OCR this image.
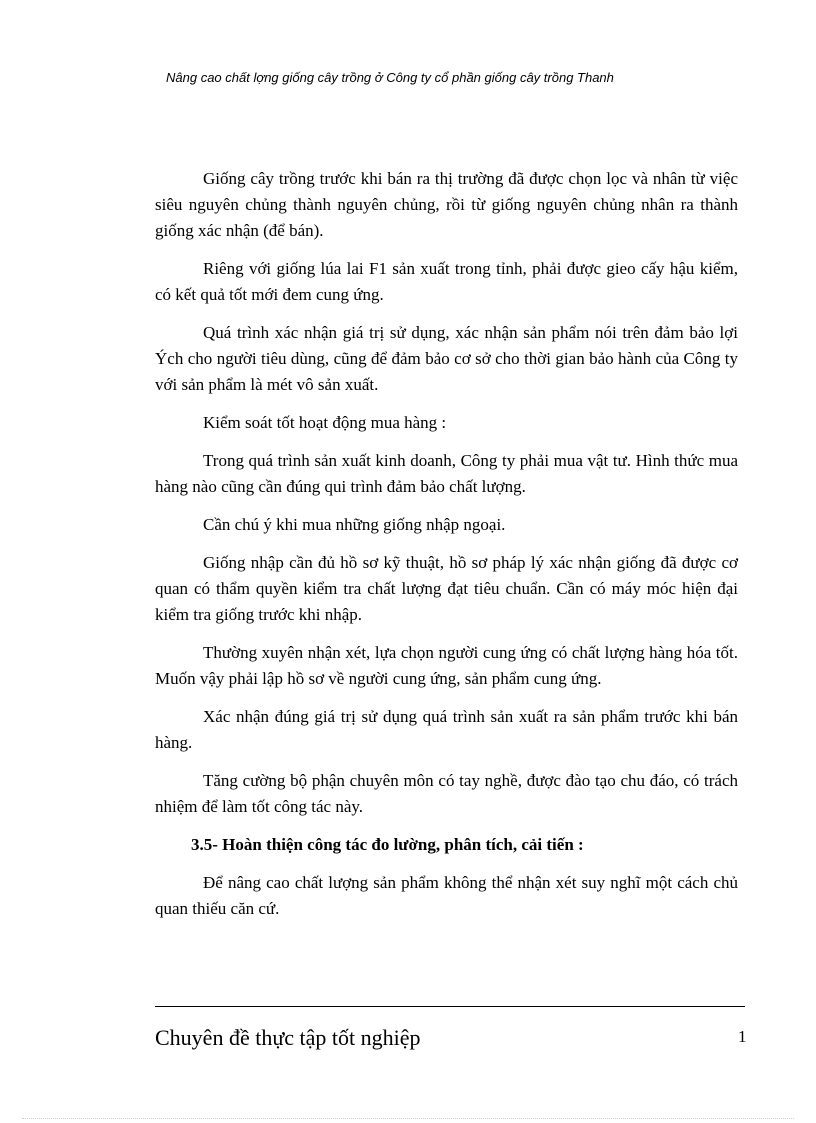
Nâng cao chất lợng giống cây trồng ở Công ty cổ phần giống cây trồng Thanh

Giống cây trồng trước khi bán ra thị trường đã được chọn lọc và nhân từ việc siêu nguyên chủng thành nguyên chủng, rồi từ giống nguyên chủng nhân ra thành giống xác nhận (để bán).

Riêng với giống lúa lai F1 sản xuất trong tỉnh, phải được gieo cấy hậu kiểm, có kết quả tốt mới đem cung ứng.

Quá trình xác nhận giá trị sử dụng, xác nhận sản phẩm nói trên đảm bảo lợi Ých cho người tiêu dùng, cũng để đảm bảo cơ sở cho thời gian bảo hành của Công ty với sản phẩm là mét vô sản xuất.

Kiểm soát tốt hoạt động mua hàng :

Trong quá trình sản xuất kinh doanh, Công ty phải mua vật tư. Hình thức mua hàng nào cũng cần đúng qui trình đảm bảo chất lượng.

Cần chú ý khi mua những giống nhập ngoại.

Giống nhập cần đủ hồ sơ kỹ thuật, hồ sơ pháp lý xác nhận giống đã được cơ quan có thẩm quyền kiểm tra chất lượng đạt tiêu chuẩn. Cần có máy móc hiện đại kiểm tra giống trước khi nhập.

Thường xuyên nhận xét, lựa chọn người cung ứng có chất lượng hàng hóa tốt. Muốn vậy phải lập hồ sơ về người cung ứng, sản phẩm cung ứng.

Xác nhận đúng giá trị sử dụng quá trình sản xuất ra sản phẩm trước khi bán hàng.

Tăng cường bộ phận chuyên môn có tay nghề, được đào tạo chu đáo, có trách nhiệm để làm tốt công tác này.

3.5- Hoàn thiện công tác đo lường, phân tích, cải tiến :

Để nâng cao chất lượng sản phẩm không thể nhận xét suy nghĩ một cách chủ quan thiếu căn cứ.

Chuyên đề thực tập tốt nghiệp	1
